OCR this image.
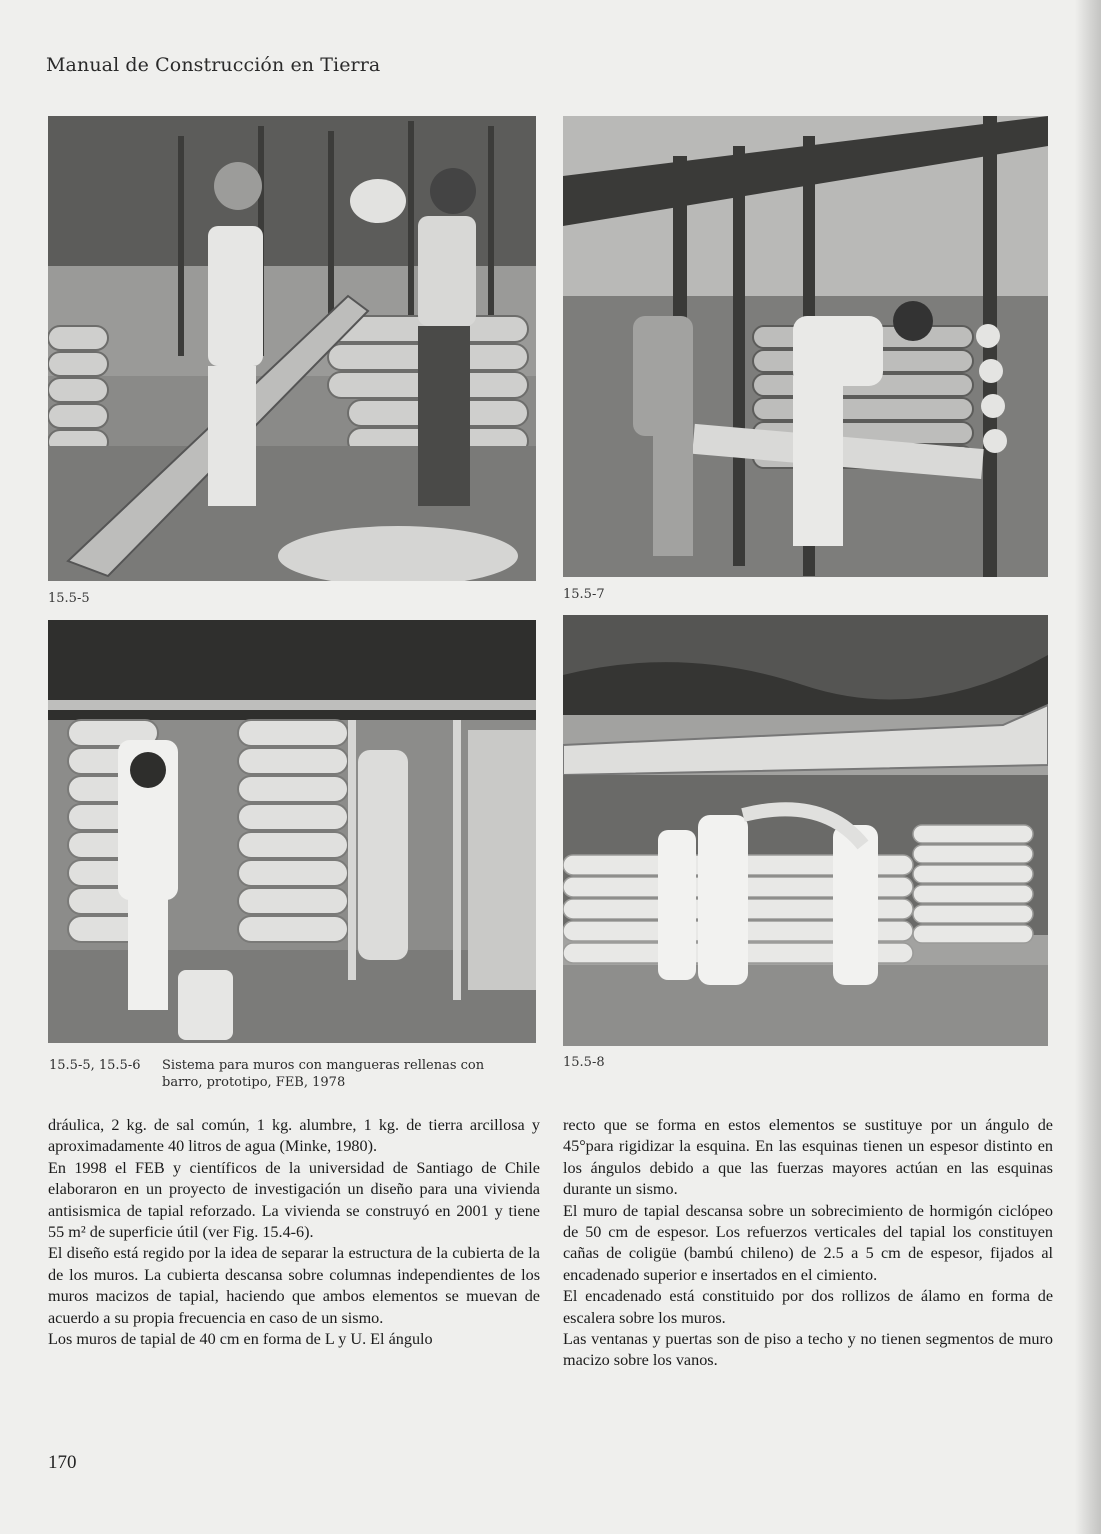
Manual de Construcción en Tierra
15.5-5	15.5-7
15.5-8
15.5-5, 15.5-6 Sistema para muros con mangueras rellenas con
barro, prototipo, FEB, 1978

dráulica, 2 kg. de sal común, 1 kg. alumbre, 1 kg. de tierra arcillosa y aproximadamente 40 litros de agua (Minke, 1980).

En 1998 el FEB y científicos de la universidad de Santiago de Chile elaboraron en un proyecto de investigación un diseño para una vivienda antisismica de tapial reforzado. La vivienda se construyó en 2001 y tiene 55 m² de superficie útil (ver Fig. 15.4-6).

El diseño está regido por la idea de separar la estructura de la cubierta de la de los muros. La cubierta descansa sobre columnas independientes de los muros macizos de tapial, haciendo que ambos elementos se muevan de acuerdo a su propia frecuencia en caso de un sismo.

Los muros de tapial de 40 cm en forma de L y U. El ángulo

recto que se forma en estos elementos se sustituye por un ángulo de 45°para rigidizar la esquina. En las esquinas tienen un espesor distinto en los ángulos debido a que las fuerzas mayores actúan en las esquinas durante un sismo.

El muro de tapial descansa sobre un sobrecimiento de hormigón ciclópeo de 50 cm de espesor. Los refuerzos verticales del tapial los constituyen cañas de coligüe (bambú chileno) de 2.5 a 5 cm de espesor, fijados al encadenado superior e insertados en el cimiento.

El encadenado está constituido por dos rollizos de álamo en forma de escalera sobre los muros.

Las ventanas y puertas son de piso a techo y no tienen segmentos de muro macizo sobre los vanos.

170
